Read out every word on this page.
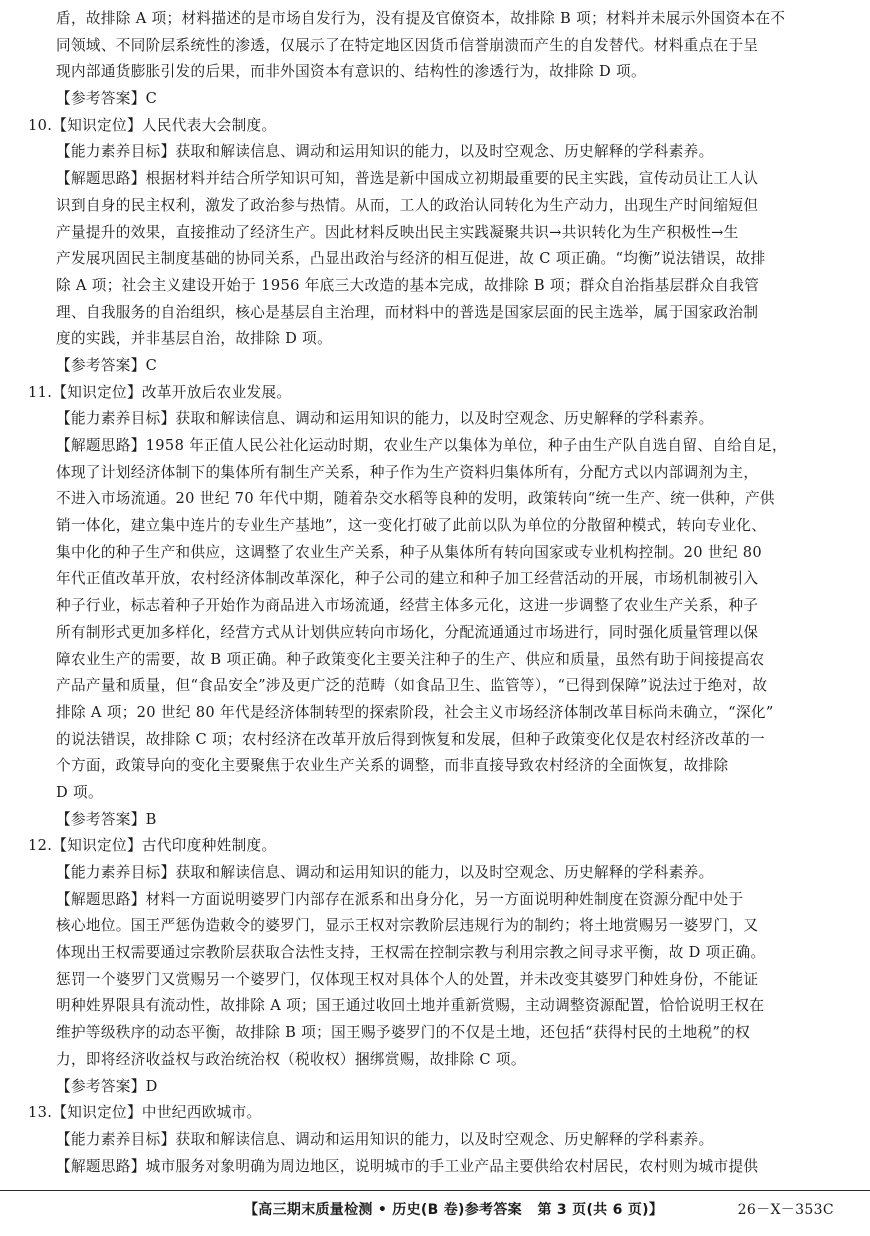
盾，故排除 A 项；材料描述的是市场自发行为，没有提及官僚资本，故排除 B 项；材料并未展示外国资本在不
同领域、不同阶层系统性的渗透，仅展示了在特定地区因货币信誉崩溃而产生的自发替代。材料重点在于呈
现内部通货膨胀引发的后果，而非外国资本有意识的、结构性的渗透行为，故排除 D 项。
【参考答案】C
10.【知识定位】人民代表大会制度。
【能力素养目标】获取和解读信息、调动和运用知识的能力，以及时空观念、历史解释的学科素养。
【解题思路】根据材料并结合所学知识可知，普选是新中国成立初期最重要的民主实践，宣传动员让工人认
识到自身的民主权利，激发了政治参与热情。从而，工人的政治认同转化为生产动力，出现生产时间缩短但
产量提升的效果，直接推动了经济生产。因此材料反映出民主实践凝聚共识→共识转化为生产积极性→生
产发展巩固民主制度基础的协同关系，凸显出政治与经济的相互促进，故 C 项正确。“均衡”说法错误，故排
除 A 项；社会主义建设开始于 1956 年底三大改造的基本完成，故排除 B 项；群众自治指基层群众自我管
理、自我服务的自治组织，核心是基层自主治理，而材料中的普选是国家层面的民主选举，属于国家政治制
度的实践，并非基层自治，故排除 D 项。
【参考答案】C
11.【知识定位】改革开放后农业发展。
【能力素养目标】获取和解读信息、调动和运用知识的能力，以及时空观念、历史解释的学科素养。
【解题思路】1958 年正值人民公社化运动时期，农业生产以集体为单位，种子由生产队自选自留、自给自足，
体现了计划经济体制下的集体所有制生产关系，种子作为生产资料归集体所有，分配方式以内部调剂为主，
不进入市场流通。20 世纪 70 年代中期，随着杂交水稻等良种的发明，政策转向“统一生产、统一供种，产供
销一体化，建立集中连片的专业生产基地”，这一变化打破了此前以队为单位的分散留种模式，转向专业化、
集中化的种子生产和供应，这调整了农业生产关系，种子从集体所有转向国家或专业机构控制。20 世纪 80
年代正值改革开放，农村经济体制改革深化，种子公司的建立和种子加工经营活动的开展，市场机制被引入
种子行业，标志着种子开始作为商品进入市场流通，经营主体多元化，这进一步调整了农业生产关系，种子
所有制形式更加多样化，经营方式从计划供应转向市场化，分配流通通过市场进行，同时强化质量管理以保
障农业生产的需要，故 B 项正确。种子政策变化主要关注种子的生产、供应和质量，虽然有助于间接提高农
产品产量和质量，但“食品安全”涉及更广泛的范畴（如食品卫生、监管等），“已得到保障”说法过于绝对，故
排除 A 项；20 世纪 80 年代是经济体制转型的探索阶段，社会主义市场经济体制改革目标尚未确立，“深化”
的说法错误，故排除 C 项；农村经济在改革开放后得到恢复和发展，但种子政策变化仅是农村经济改革的一
个方面，政策导向的变化主要聚焦于农业生产关系的调整，而非直接导致农村经济的全面恢复，故排除
D 项。
【参考答案】B
12.【知识定位】古代印度种姓制度。
【能力素养目标】获取和解读信息、调动和运用知识的能力，以及时空观念、历史解释的学科素养。
【解题思路】材料一方面说明婆罗门内部存在派系和出身分化，另一方面说明种姓制度在资源分配中处于
核心地位。国王严惩伪造敕令的婆罗门，显示王权对宗教阶层违规行为的制约；将土地赏赐另一婆罗门，又
体现出王权需要通过宗教阶层获取合法性支持，王权需在控制宗教与利用宗教之间寻求平衡，故 D 项正确。
惩罚一个婆罗门又赏赐另一个婆罗门，仅体现王权对具体个人的处置，并未改变其婆罗门种姓身份，不能证
明种姓界限具有流动性，故排除 A 项；国王通过收回土地并重新赏赐，主动调整资源配置，恰恰说明王权在
维护等级秩序的动态平衡，故排除 B 项；国王赐予婆罗门的不仅是土地，还包括“获得村民的土地税”的权
力，即将经济收益权与政治统治权（税收权）捆绑赏赐，故排除 C 项。
【参考答案】D
13.【知识定位】中世纪西欧城市。
【能力素养目标】获取和解读信息、调动和运用知识的能力，以及时空观念、历史解释的学科素养。
【解题思路】城市服务对象明确为周边地区，说明城市的手工业产品主要供给农村居民，农村则为城市提供
【高三期末质量检测 • 历史(B 卷)参考答案   第 3 页(共 6 页)】	26－X－353C
